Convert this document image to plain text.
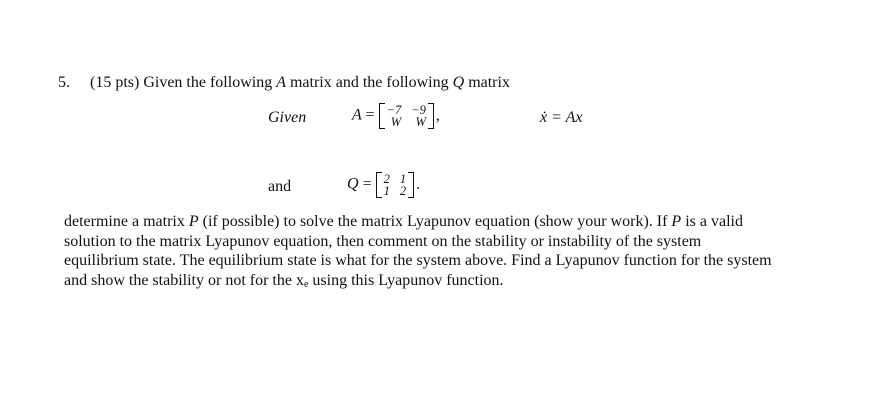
5. (15 pts) Given the following A matrix and the following Q matrix
Given	A = −7 −9
W	W ,	ẋ = Ax
and	Q = 2 1
1 2 .

determine a matrix P (if possible) to solve the matrix Lyapunov equation (show your work). If P is a valid

solution to the matrix Lyapunov equation, then comment on the stability or instability of the system

equilibrium state. The equilibrium state is what for the system above. Find a Lyapunov function for the system

and show the stability or not for the $x_e$ using this Lyapunov function.
